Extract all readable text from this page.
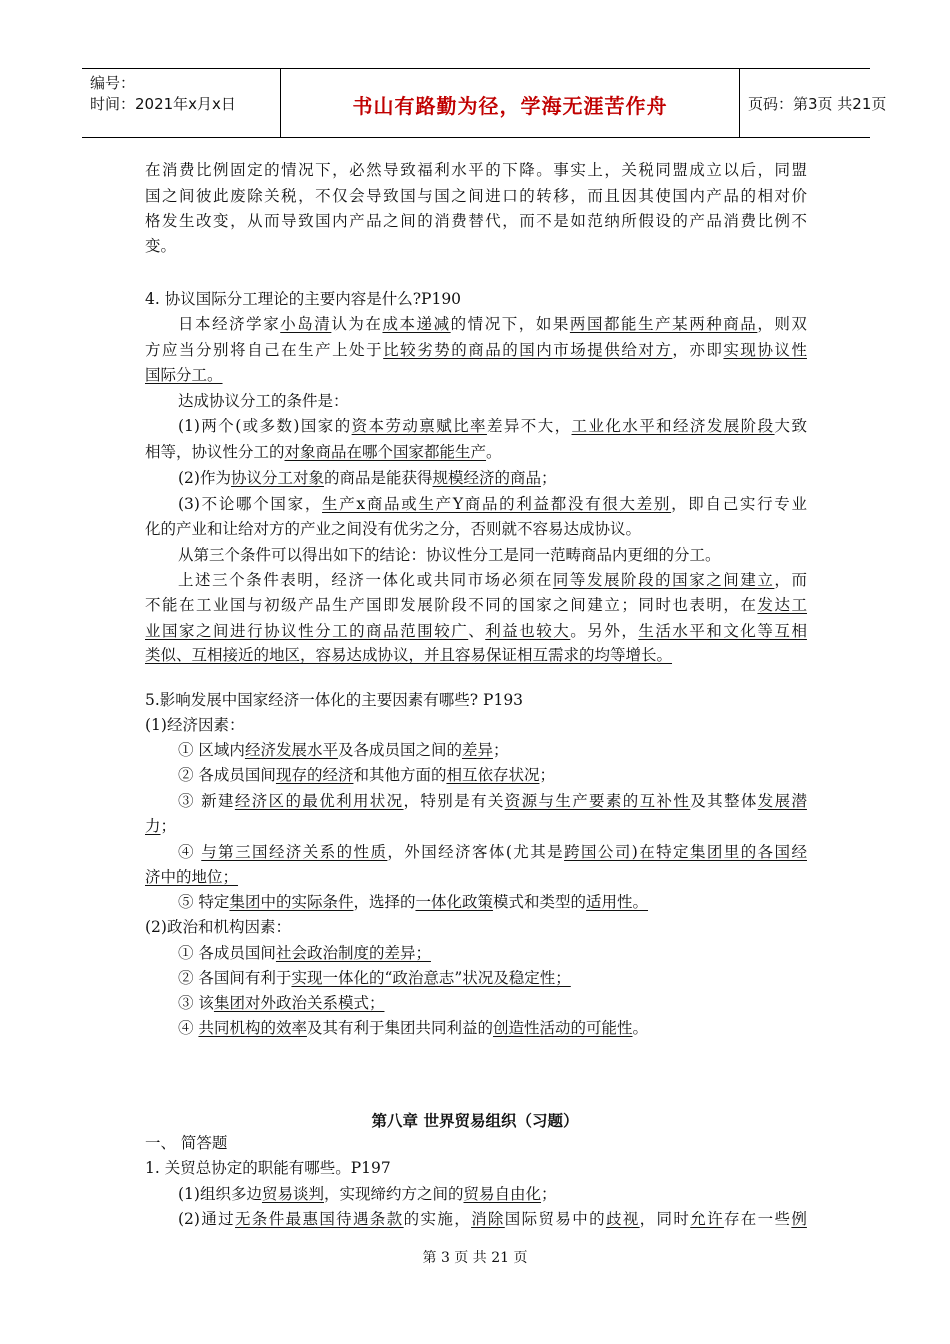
编号：
时间：2021年x月x日	书山有路勤为径，学海无涯苦作舟	页码：第3页 共21页
在消费比例固定的情况下，必然导致福利水平的下降。事实上，关税同盟成立以后，同盟
国之间彼此废除关税，不仅会导致国与国之间进口的转移，而且因其使国内产品的相对价
格发生改变，从而导致国内产品之间的消费替代，而不是如范纳所假设的产品消费比例不
变。
4. 协议国际分工理论的主要内容是什么?P190
日本经济学家小岛清认为在成本递减的情况下，如果两国都能生产某两种商品，则双
方应当分别将自己在生产上处于比较劣势的商品的国内市场提供给对方，亦即实现协议性
国际分工。
达成协议分工的条件是：
(1)两个(或多数)国家的资本劳动禀赋比率差异不大，工业化水平和经济发展阶段大致
相等，协议性分工的对象商品在哪个国家都能生产。
(2)作为协议分工对象的商品是能获得规模经济的商品；
(3)不论哪个国家，生产x商品或生产Y商品的利益都没有很大差别，即自己实行专业
化的产业和让给对方的产业之间没有优劣之分，否则就不容易达成协议。
从第三个条件可以得出如下的结论：协议性分工是同一范畴商品内更细的分工。
上述三个条件表明，经济一体化或共同市场必须在同等发展阶段的国家之间建立，而
不能在工业国与初级产品生产国即发展阶段不同的国家之间建立；同时也表明，在发达工
业国家之间进行协议性分工的商品范围较广、利益也较大。另外，生活水平和文化等互相
类似、互相接近的地区，容易达成协议，并且容易保证相互需求的均等增长。
5.影响发展中国家经济一体化的主要因素有哪些? P193
(1)经济因素：
① 区域内经济发展水平及各成员国之间的差异；
② 各成员国间现存的经济和其他方面的相互依存状况；
③ 新建经济区的最优利用状况，特别是有关资源与生产要素的互补性及其整体发展潜
力；
④ 与第三国经济关系的性质，外国经济客体(尤其是跨国公司)在特定集团里的各国经
济中的地位；
⑤ 特定集团中的实际条件，选择的一体化政策模式和类型的适用性。
(2)政治和机构因素：
① 各成员国间社会政治制度的差异；
② 各国间有利于实现一体化的“政治意志”状况及稳定性；
③ 该集团对外政治关系模式；
④ 共同机构的效率及其有利于集团共同利益的创造性活动的可能性。
一、 简答题
1. 关贸总协定的职能有哪些。P197
(1)组织多边贸易谈判，实现缔约方之间的贸易自由化；
(2)通过无条件最惠国待遇条款的实施，消除国际贸易中的歧视，同时允许存在一些例
第八章 世界贸易组织（习题）
第 3 页 共 21 页
